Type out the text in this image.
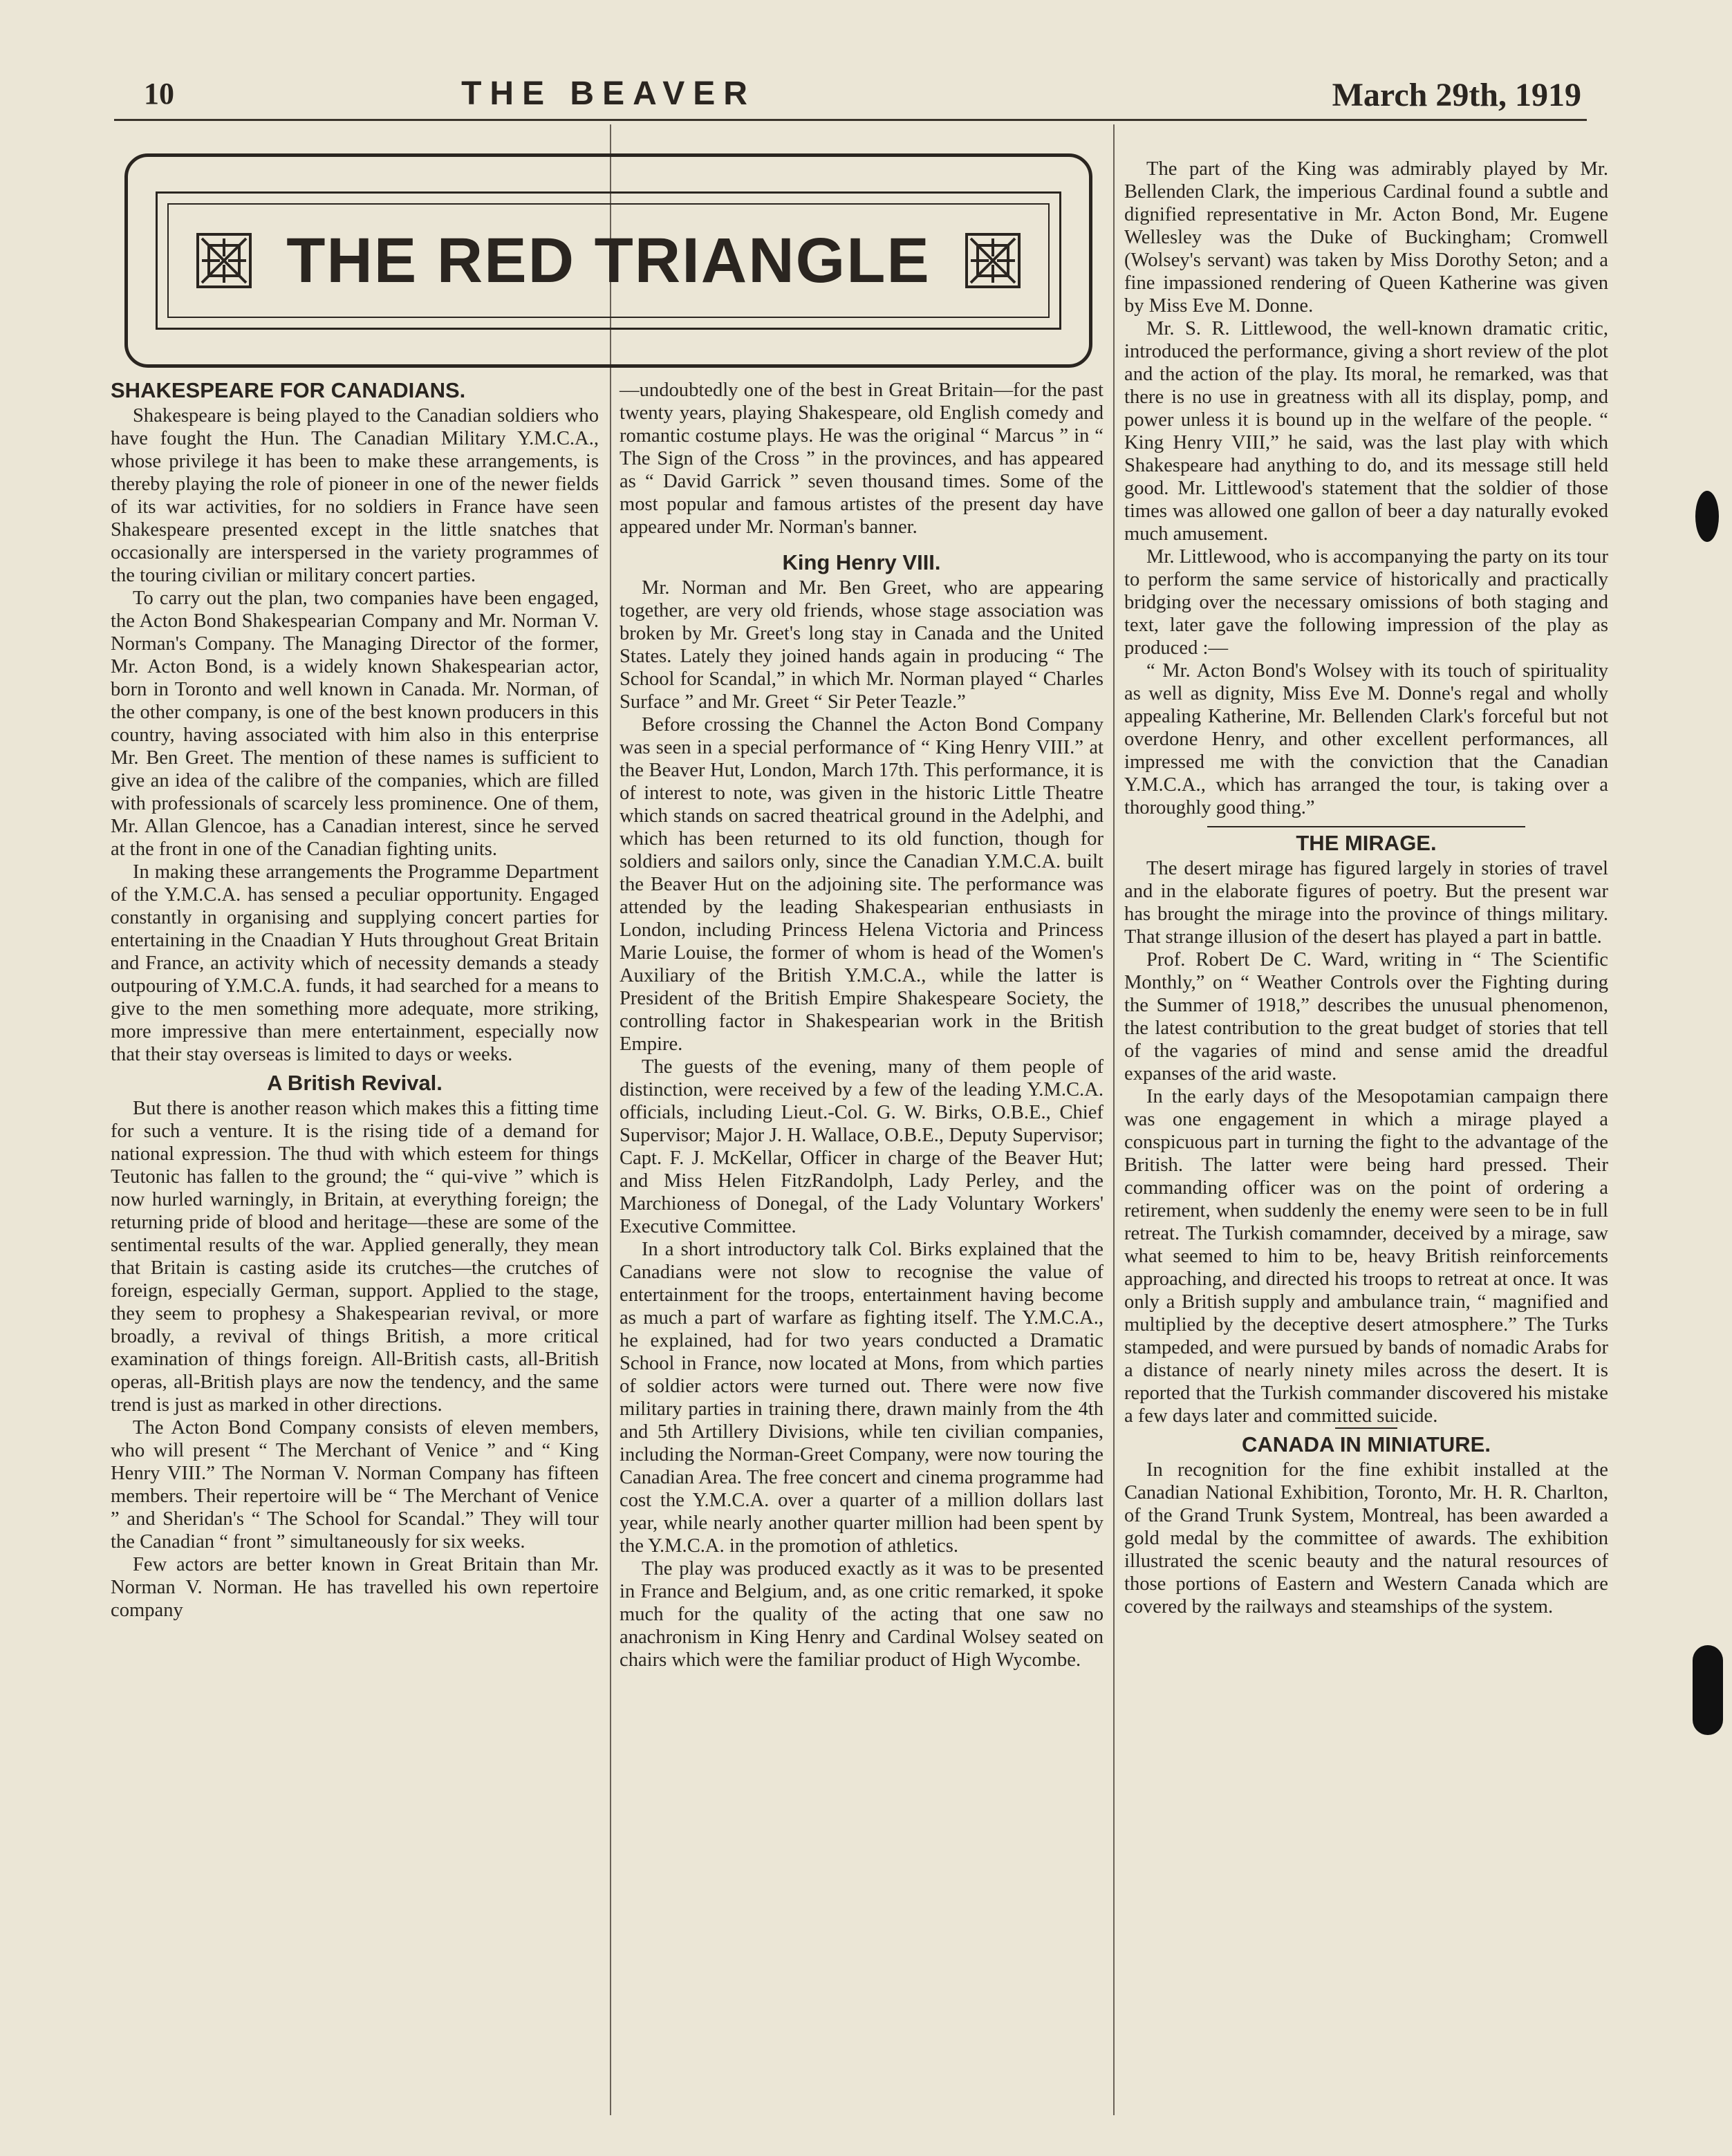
10	THE BEAVER	March 29th, 1919
THE RED TRIANGLE
SHAKESPEARE FOR CANADIANS.

Shakespeare is being played to the Canadian soldiers who have fought the Hun. The Canadian Military Y.M.C.A., whose privilege it has been to make these arrangements, is thereby playing the role of pioneer in one of the newer fields of its war activities, for no soldiers in France have seen Shakespeare presented except in the little snatches that occasionally are interspersed in the variety programmes of the touring civilian or military concert parties.

To carry out the plan, two companies have been engaged, the Acton Bond Shakespearian Company and Mr. Norman V. Norman's Company. The Managing Director of the former, Mr. Acton Bond, is a widely known Shakespearian actor, born in Toronto and well known in Canada. Mr. Norman, of the other company, is one of the best known producers in this country, having associated with him also in this enterprise Mr. Ben Greet. The mention of these names is sufficient to give an idea of the calibre of the companies, which are filled with professionals of scarcely less prominence. One of them, Mr. Allan Glencoe, has a Canadian interest, since he served at the front in one of the Canadian fighting units.

In making these arrangements the Programme Department of the Y.M.C.A. has sensed a peculiar opportunity. Engaged constantly in organising and supplying concert parties for entertaining in the Cnaadian Y Huts throughout Great Britain and France, an activity which of necessity demands a steady outpouring of Y.M.C.A. funds, it had searched for a means to give to the men something more adequate, more striking, more impressive than mere entertainment, especially now that their stay overseas is limited to days or weeks.

A British Revival.

But there is another reason which makes this a fitting time for such a venture. It is the rising tide of a demand for national expression. The thud with which esteem for things Teutonic has fallen to the ground; the “ qui-vive ” which is now hurled warningly, in Britain, at everything foreign; the returning pride of blood and heritage—these are some of the sentimental results of the war. Applied generally, they mean that Britain is casting aside its crutches—the crutches of foreign, especially German, support. Applied to the stage, they seem to prophesy a Shakespearian revival, or more broadly, a revival of things British, a more critical examination of things foreign. All-British casts, all-British operas, all-British plays are now the tendency, and the same trend is just as marked in other directions.

The Acton Bond Company consists of eleven members, who will present “ The Merchant of Venice ” and “ King Henry VIII.” The Norman V. Norman Company has fifteen members. Their repertoire will be “ The Merchant of Venice ” and Sheridan's “ The School for Scandal.” They will tour the Canadian “ front ” simultaneously for six weeks.

Few actors are better known in Great Britain than Mr. Norman V. Norman. He has travelled his own repertoire company

—undoubtedly one of the best in Great Britain—for the past twenty years, playing Shakespeare, old English comedy and romantic costume plays. He was the original “ Marcus ” in “ The Sign of the Cross ” in the provinces, and has appeared as “ David Garrick ” seven thousand times. Some of the most popular and famous artistes of the present day have appeared under Mr. Norman's banner.

King Henry VIII.

Mr. Norman and Mr. Ben Greet, who are appearing together, are very old friends, whose stage association was broken by Mr. Greet's long stay in Canada and the United States. Lately they joined hands again in producing “ The School for Scandal,” in which Mr. Norman played “ Charles Surface ” and Mr. Greet “ Sir Peter Teazle.”

Before crossing the Channel the Acton Bond Company was seen in a special performance of “ King Henry VIII.” at the Beaver Hut, London, March 17th. This performance, it is of interest to note, was given in the historic Little Theatre which stands on sacred theatrical ground in the Adelphi, and which has been returned to its old function, though for soldiers and sailors only, since the Canadian Y.M.C.A. built the Beaver Hut on the adjoining site. The performance was attended by the leading Shakespearian enthusiasts in London, including Princess Helena Victoria and Princess Marie Louise, the former of whom is head of the Women's Auxiliary of the British Y.M.C.A., while the latter is President of the British Empire Shakespeare Society, the controlling factor in Shakespearian work in the British Empire.

The guests of the evening, many of them people of distinction, were received by a few of the leading Y.M.C.A. officials, including Lieut.-Col. G. W. Birks, O.B.E., Chief Supervisor; Major J. H. Wallace, O.B.E., Deputy Supervisor; Capt. F. J. McKellar, Officer in charge of the Beaver Hut; and Miss Helen FitzRandolph, Lady Perley, and the Marchioness of Donegal, of the Lady Voluntary Workers' Executive Committee.

In a short introductory talk Col. Birks explained that the Canadians were not slow to recognise the value of entertainment for the troops, entertainment having become as much a part of warfare as fighting itself. The Y.M.C.A., he explained, had for two years conducted a Dramatic School in France, now located at Mons, from which parties of soldier actors were turned out. There were now five military parties in training there, drawn mainly from the 4th and 5th Artillery Divisions, while ten civilian companies, including the Norman-Greet Company, were now touring the Canadian Area. The free concert and cinema programme had cost the Y.M.C.A. over a quarter of a million dollars last year, while nearly another quarter million had been spent by the Y.M.C.A. in the promotion of athletics.

The play was produced exactly as it was to be presented in France and Belgium, and, as one critic remarked, it spoke much for the quality of the acting that one saw no anachronism in King Henry and Cardinal Wolsey seated on chairs which were the familiar product of High Wycombe.

The part of the King was admirably played by Mr. Bellenden Clark, the imperious Cardinal found a subtle and dignified representative in Mr. Acton Bond, Mr. Eugene Wellesley was the Duke of Buckingham; Cromwell (Wolsey's servant) was taken by Miss Dorothy Seton; and a fine impassioned rendering of Queen Katherine was given by Miss Eve M. Donne.

Mr. S. R. Littlewood, the well-known dramatic critic, introduced the performance, giving a short review of the plot and the action of the play. Its moral, he remarked, was that there is no use in greatness with all its display, pomp, and power unless it is bound up in the welfare of the people. “ King Henry VIII,” he said, was the last play with which Shakespeare had anything to do, and its message still held good. Mr. Littlewood's statement that the soldier of those times was allowed one gallon of beer a day naturally evoked much amusement.

Mr. Littlewood, who is accompanying the party on its tour to perform the same service of historically and practically bridging over the necessary omissions of both staging and text, later gave the following impression of the play as produced :—

“ Mr. Acton Bond's Wolsey with its touch of spirituality as well as dignity, Miss Eve M. Donne's regal and wholly appealing Katherine, Mr. Bellenden Clark's forceful but not overdone Henry, and other excellent performances, all impressed me with the conviction that the Canadian Y.M.C.A., which has arranged the tour, is taking over a thoroughly good thing.”

THE MIRAGE.

The desert mirage has figured largely in stories of travel and in the elaborate figures of poetry. But the present war has brought the mirage into the province of things military. That strange illusion of the desert has played a part in battle.

Prof. Robert De C. Ward, writing in “ The Scientific Monthly,” on “ Weather Controls over the Fighting during the Summer of 1918,” describes the unusual phenomenon, the latest contribution to the great budget of stories that tell of the vagaries of mind and sense amid the dreadful expanses of the arid waste.

In the early days of the Mesopotamian campaign there was one engagement in which a mirage played a conspicuous part in turning the fight to the advantage of the British. The latter were being hard pressed. Their commanding officer was on the point of ordering a retirement, when suddenly the enemy were seen to be in full retreat. The Turkish comamnder, deceived by a mirage, saw what seemed to him to be, heavy British reinforcements approaching, and directed his troops to retreat at once. It was only a British supply and ambulance train, “ magnified and multiplied by the deceptive desert atmosphere.” The Turks stampeded, and were pursued by bands of nomadic Arabs for a distance of nearly ninety miles across the desert. It is reported that the Turkish commander discovered his mistake a few days later and committed suicide.

CANADA IN MINIATURE.

In recognition for the fine exhibit installed at the Canadian National Exhibition, Toronto, Mr. H. R. Charlton, of the Grand Trunk System, Montreal, has been awarded a gold medal by the committee of awards. The exhibition illustrated the scenic beauty and the natural resources of those portions of Eastern and Western Canada which are covered by the railways and steamships of the system.
